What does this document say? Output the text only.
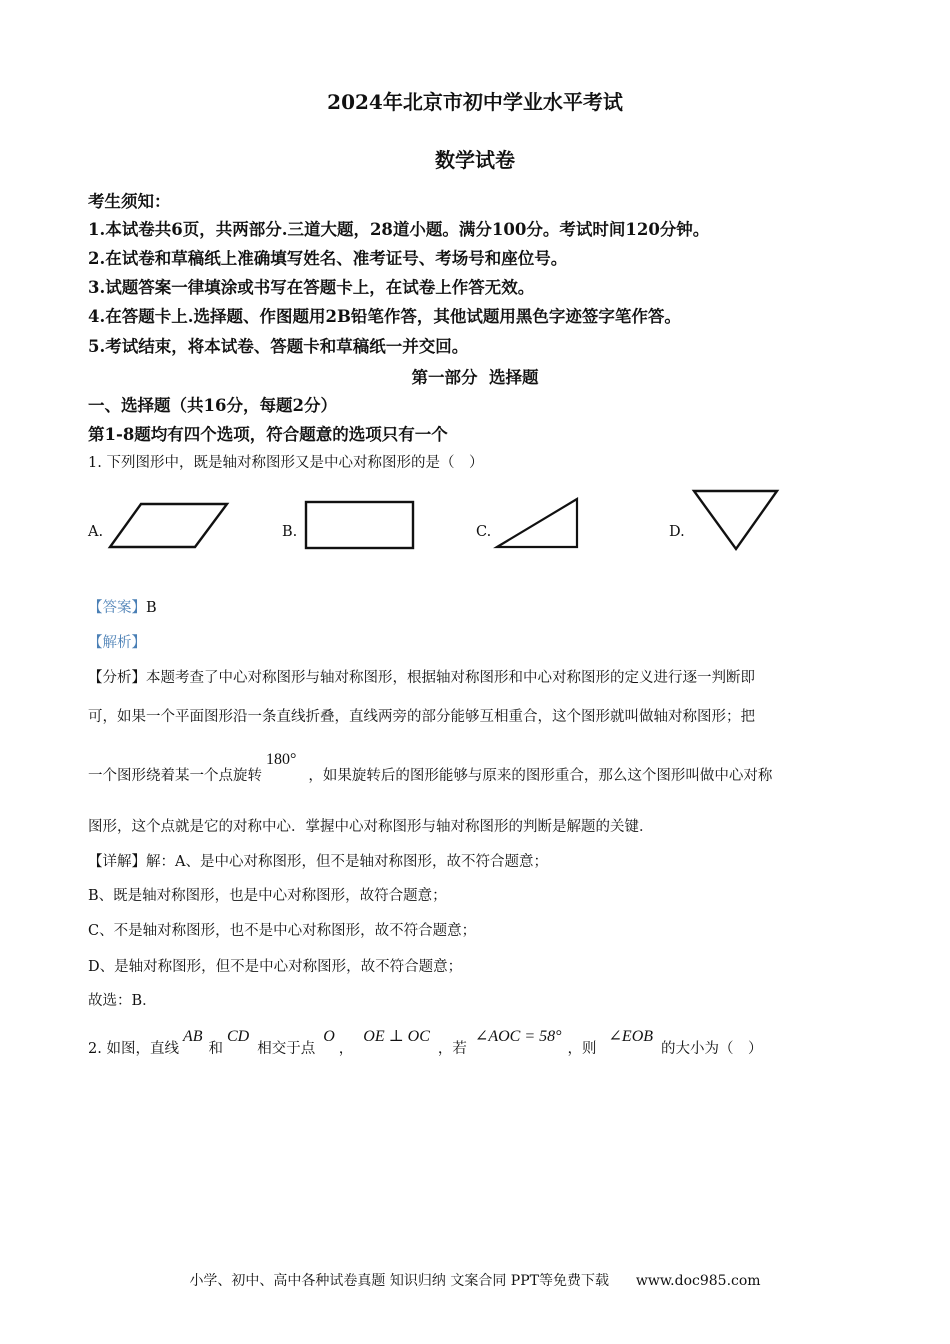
2024年北京市初中学业水平考试
数学试卷
考生须知：
1.本试卷共6页，共两部分.三道大题，28道小题。满分100分。考试时间120分钟。
2.在试卷和草稿纸上准确填写姓名、准考证号、考场号和座位号。
3.试题答案一律填涂或书写在答题卡上，在试卷上作答无效。
4.在答题卡上.选择题、作图题用2B铅笔作答，其他试题用黑色字迹签字笔作答。
5.考试结束，将本试卷、答题卡和草稿纸一并交回。
第一部分  选择题
一、选择题（共16分，每题2分）
第1-8题均有四个选项，符合题意的选项只有一个
1. 下列图形中，既是轴对称图形又是中心对称图形的是（　）
A.	B.	C.	D.
【答案】B
【解析】
【分析】本题考查了中心对称图形与轴对称图形，根据轴对称图形和中心对称图形的定义进行逐一判断即
可，如果一个平面图形沿一条直线折叠，直线两旁的部分能够互相重合，这个图形就叫做轴对称图形；把
一个图形绕着某一个点旋转180°，如果旋转后的图形能够与原来的图形重合，那么这个图形叫做中心对称
图形，这个点就是它的对称中心．掌握中心对称图形与轴对称图形的判断是解题的关键．
【详解】解：A、是中心对称图形，但不是轴对称图形，故不符合题意；
B、既是轴对称图形，也是中心对称图形，故符合题意；
C、不是轴对称图形，也不是中心对称图形，故不符合题意；
D、是轴对称图形，但不是中心对称图形，故不符合题意；
故选：B．
2. 如图，直线AB和CD相交于点O，OE ⊥ OC，若∠AOC = 58°，则∠EOB的大小为（　）
小学、初中、高中各种试卷真题 知识归纳 文案合同 PPT等免费下载 www.doc985.com
